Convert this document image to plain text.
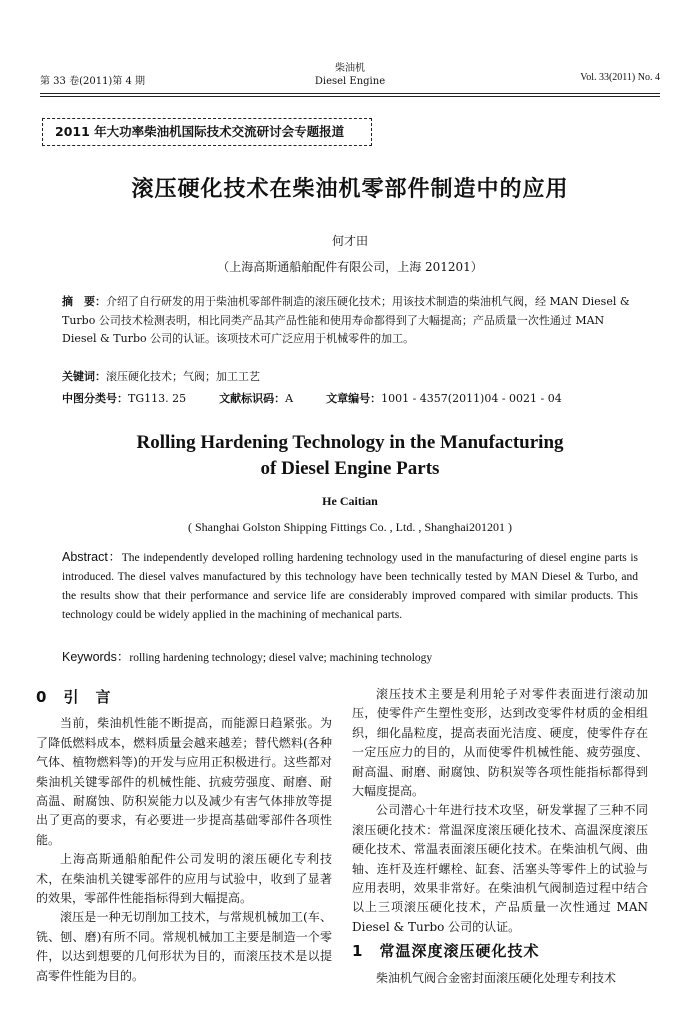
第 33 卷(2011)第 4 期
柴油机
Diesel Engine	Vol. 33(2011) No. 4
2011 年大功率柴油机国际技术交流研讨会专题报道
滚压硬化技术在柴油机零部件制造中的应用
何才田
（上海高斯通船舶配件有限公司，上海 201201）
摘　要：介绍了自行研发的用于柴油机零部件制造的滚压硬化技术；用该技术制造的柴油机气阀，经 MAN Diesel & Turbo 公司技术检测表明，相比同类产品其产品性能和使用寿命都得到了大幅提高；产品质量一次性通过 MAN Diesel & Turbo 公司的认证。该项技术可广泛应用于机械零件的加工。
关键词：滚压硬化技术；气阀；加工工艺
中图分类号：TG113. 25	文献标识码：A	文章编号：1001 - 4357(2011)04 - 0021 - 04
Rolling Hardening Technology in the Manufacturing
of Diesel Engine Parts
He Caitian
( Shanghai Golston Shipping Fittings Co. , Ltd. , Shanghai201201 )
Abstract：The independently developed rolling hardening technology used in the manufacturing of diesel engine parts is introduced. The diesel valves manufactured by this technology have been technically tested by MAN Diesel & Turbo, and the results show that their performance and service life are considerably improved compared with similar products. This technology could be widely applied in the machining of mechanical parts.
Keywords：rolling hardening technology; diesel valve; machining technology
0 引　言

当前，柴油机性能不断提高，而能源日趋紧张。为了降低燃料成本，燃料质量会越来越差；替代燃料(各种气体、植物燃料等)的开发与应用正积极进行。这些都对柴油机关键零部件的机械性能、抗疲劳强度、耐磨、耐高温、耐腐蚀、防积炭能力以及减少有害气体排放等提出了更高的要求，有必要进一步提高基础零部件各项性能。

上海高斯通船舶配件公司发明的滚压硬化专利技术，在柴油机关键零部件的应用与试验中，收到了显著的效果，零部件性能指标得到大幅提高。

滚压是一种无切削加工技术，与常规机械加工(车、铣、刨、磨)有所不同。常规机械加工主要是制造一个零件，以达到想要的几何形状为目的，而滚压技术是以提高零件性能为目的。

滚压技术主要是利用轮子对零件表面进行滚动加压，使零件产生塑性变形，达到改变零件材质的金相组织，细化晶粒度，提高表面光洁度、硬度，使零件存在一定压应力的目的，从而使零件机械性能、疲劳强度、耐高温、耐磨、耐腐蚀、防积炭等各项性能指标都得到大幅度提高。

公司潜心十年进行技术攻坚，研发掌握了三种不同滚压硬化技术：常温深度滚压硬化技术、高温深度滚压硬化技术、常温表面滚压硬化技术。在柴油机气阀、曲轴、连杆及连杆螺栓、缸套、活塞头等零件上的试验与应用表明，效果非常好。在柴油机气阀制造过程中结合以上三项滚压硬化技术，产品质量一次性通过 MAN Diesel & Turbo 公司的认证。

1 常温深度滚压硬化技术

柴油机气阀合金密封面滚压硬化处理专利技术
